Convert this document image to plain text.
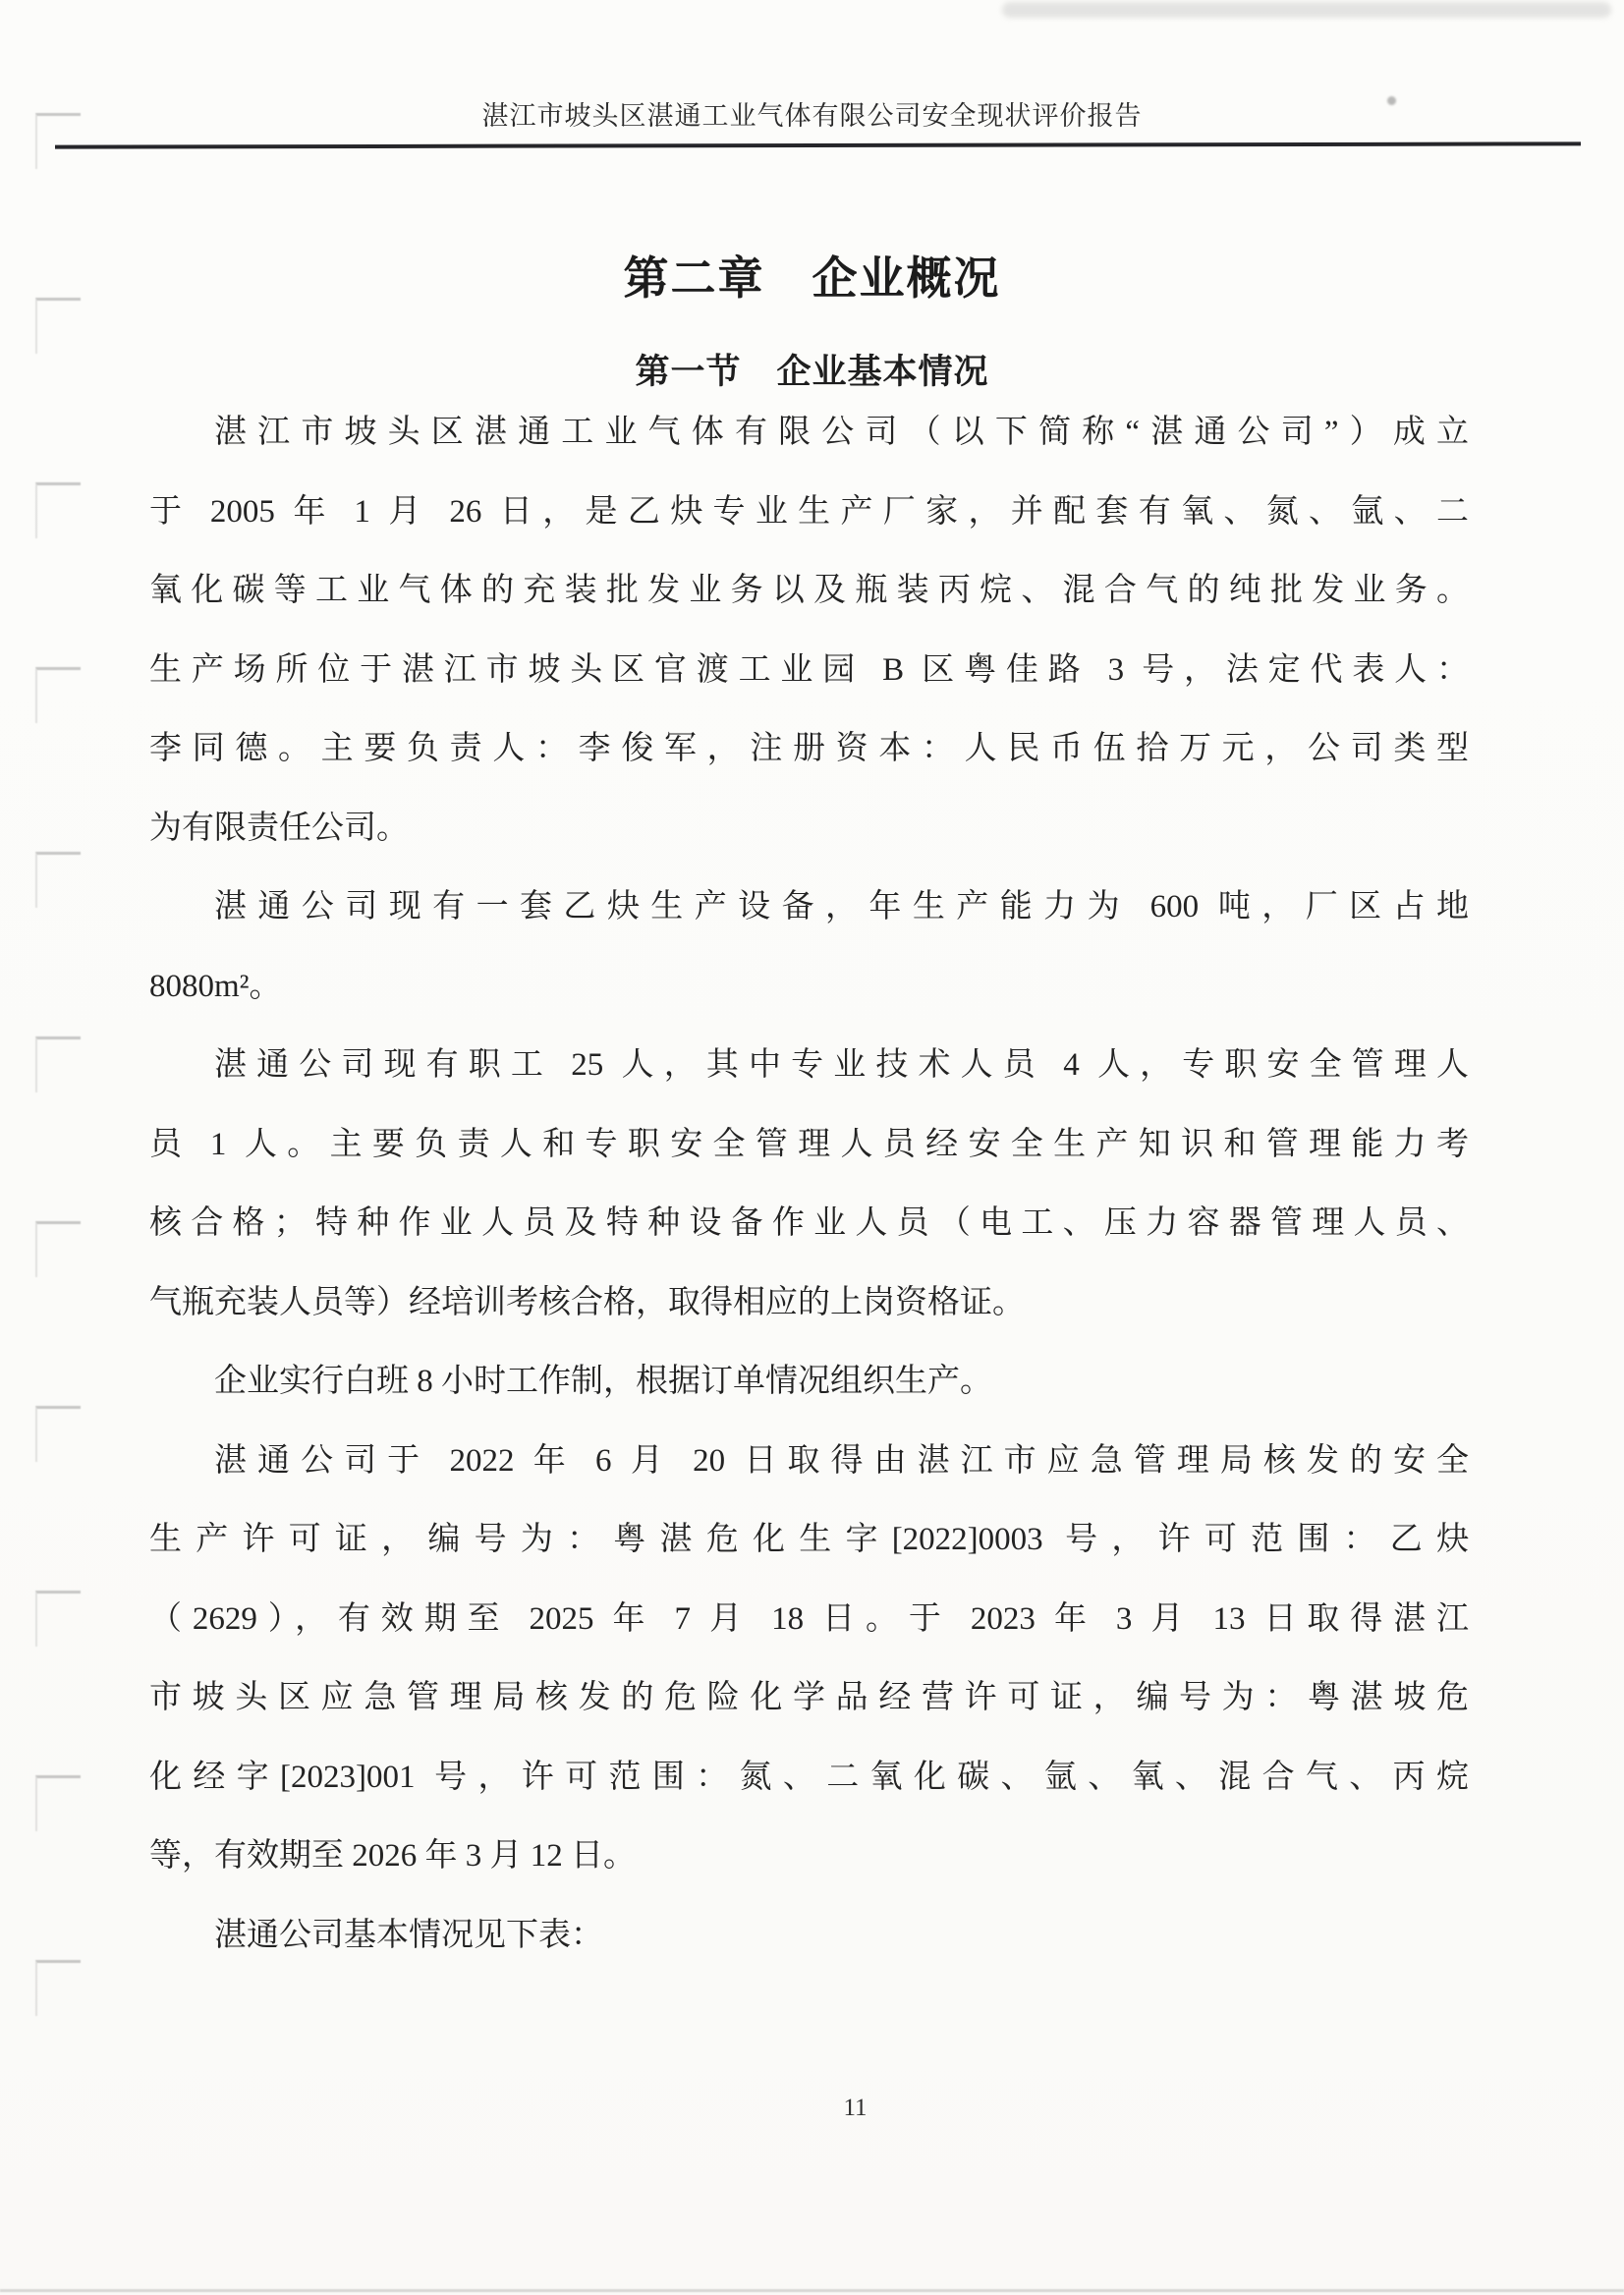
湛江市坡头区湛通工业气体有限公司安全现状评价报告
第二章　企业概况
第一节　企业基本情况
湛江市坡头区湛通工业气体有限公司（以下简称“湛通公司”）成立
于 2005 年 1 月 26 日，是乙炔专业生产厂家，并配套有氧、氮、氩、二
氧化碳等工业气体的充装批发业务以及瓶装丙烷、混合气的纯批发业务。
生产场所位于湛江市坡头区官渡工业园 B 区粤佳路 3 号，法定代表人：
李同德。主要负责人：李俊军，注册资本：人民币伍拾万元，公司类型
为有限责任公司。
湛通公司现有一套乙炔生产设备，年生产能力为 600 吨，厂区占地
8080m²。
湛通公司现有职工 25 人，其中专业技术人员 4 人，专职安全管理人
员 1 人。主要负责人和专职安全管理人员经安全生产知识和管理能力考
核合格；特种作业人员及特种设备作业人员（电工、压力容器管理人员、
气瓶充装人员等）经培训考核合格，取得相应的上岗资格证。
企业实行白班 8 小时工作制，根据订单情况组织生产。
湛通公司于 2022 年 6 月 20 日取得由湛江市应急管理局核发的安全
生产许可证，编号为：粤湛危化生字[2022]0003 号，许可范围：乙炔
（2629），有效期至 2025 年 7 月 18 日。于 2023 年 3 月 13 日取得湛江
市坡头区应急管理局核发的危险化学品经营许可证，编号为：粤湛坡危
化经字[2023]001 号，许可范围：氮、二氧化碳、氩、氧、混合气、丙烷
等，有效期至 2026 年 3 月 12 日。
湛通公司基本情况见下表：
11
